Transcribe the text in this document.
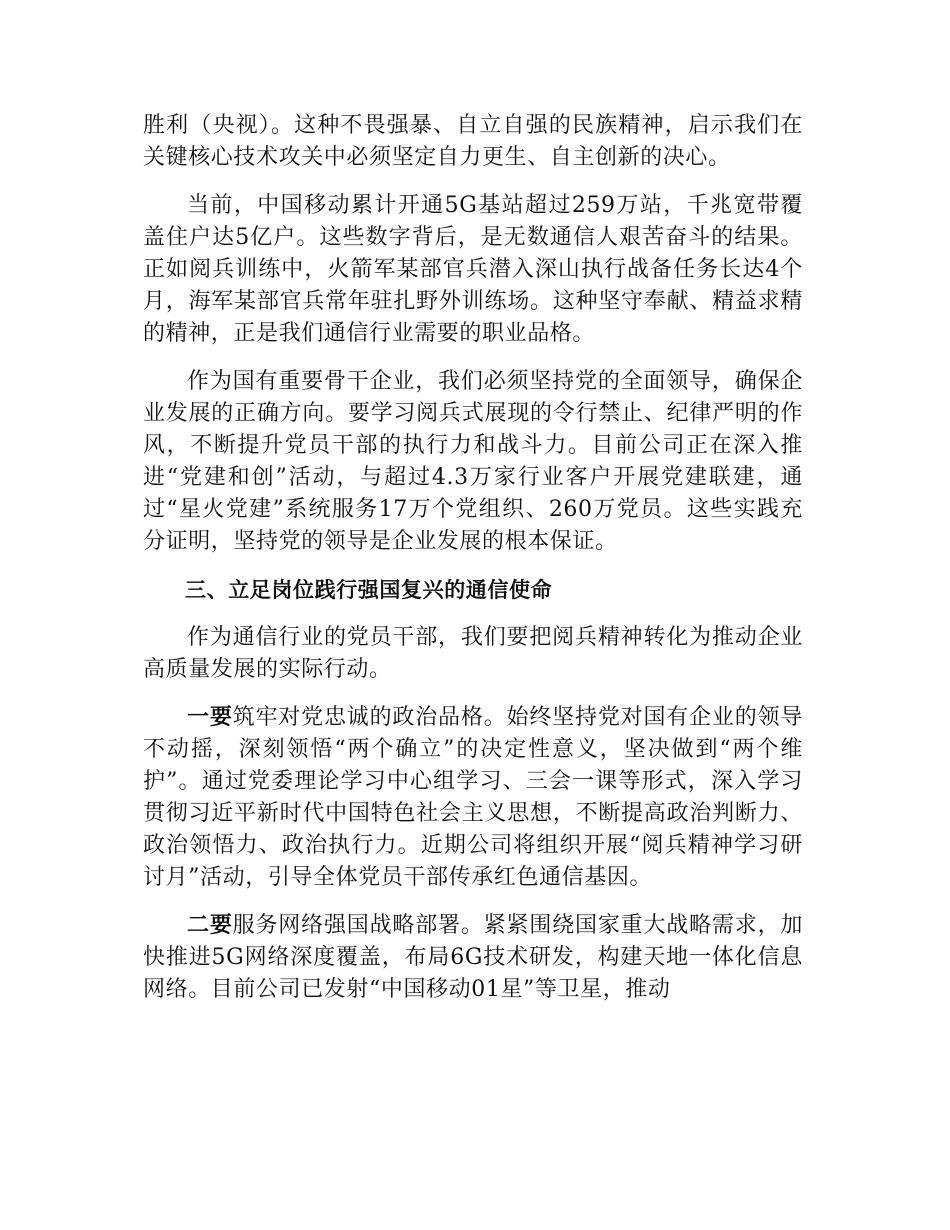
胜利（央视）。这种不畏强暴、自立自强的民族精神，启示我们在关键核心技术攻关中必须坚定自力更生、自主创新的决心。

当前，中国移动累计开通5G基站超过259万站，千兆宽带覆盖住户达5亿户。这些数字背后，是无数通信人艰苦奋斗的结果。正如阅兵训练中，火箭军某部官兵潜入深山执行战备任务长达4个月，海军某部官兵常年驻扎野外训练场。这种坚守奉献、精益求精的精神，正是我们通信行业需要的职业品格。

作为国有重要骨干企业，我们必须坚持党的全面领导，确保企业发展的正确方向。要学习阅兵式展现的令行禁止、纪律严明的作风，不断提升党员干部的执行力和战斗力。目前公司正在深入推进“党建和创”活动，与超过4.3万家行业客户开展党建联建，通过“星火党建”系统服务17万个党组织、260万党员。这些实践充分证明，坚持党的领导是企业发展的根本保证。

三、立足岗位践行强国复兴的通信使命

作为通信行业的党员干部，我们要把阅兵精神转化为推动企业高质量发展的实际行动。

一要筑牢对党忠诚的政治品格。始终坚持党对国有企业的领导不动摇，深刻领悟“两个确立”的决定性意义，坚决做到“两个维护”。通过党委理论学习中心组学习、三会一课等形式，深入学习贯彻习近平新时代中国特色社会主义思想，不断提高政治判断力、政治领悟力、政治执行力。近期公司将组织开展“阅兵精神学习研讨月”活动，引导全体党员干部传承红色通信基因。

二要服务网络强国战略部署。紧紧围绕国家重大战略需求，加快推进5G网络深度覆盖，布局6G技术研发，构建天地一体化信息网络。目前公司已发射“中国移动01星”等卫星，推动
